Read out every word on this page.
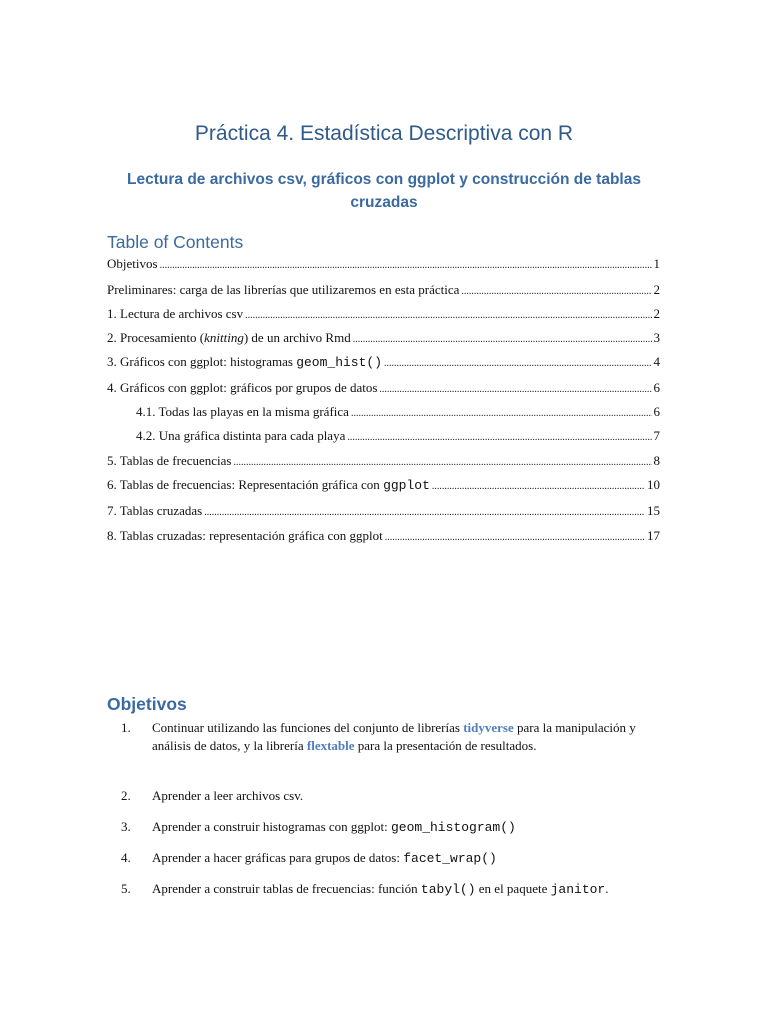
Práctica 4. Estadística Descriptiva con R
Lectura de archivos csv, gráficos con ggplot y construcción de tablas cruzadas
Table of Contents
Objetivos .....	1
Preliminares: carga de las librerías que utilizaremos en esta práctica .....	2
1. Lectura de archivos csv .....	2
2. Procesamiento (knitting) de un archivo Rmd .....	3
3. Gráficos con ggplot: histogramas geom_hist() .....	4
4. Gráficos con ggplot: gráficos por grupos de datos .....	6
4.1. Todas las playas en la misma gráfica .....	6
4.2. Una gráfica distinta para cada playa .....	7
5. Tablas de frecuencias .....	8
6. Tablas de frecuencias: Representación gráfica con ggplot .....	10
7. Tablas cruzadas .....	15
8. Tablas cruzadas: representación gráfica con ggplot .....	17
Objetivos
1.	Continuar utilizando las funciones del conjunto de librerías tidyverse para la manipulación y análisis de datos, y la librería flextable para la presentación de resultados.
2.	Aprender a leer archivos csv.
3.	Aprender a construir histogramas con ggplot: geom_histogram()
4.	Aprender a hacer gráficas para grupos de datos: facet_wrap()
5.	Aprender a construir tablas de frecuencias: función tabyl() en el paquete janitor.
